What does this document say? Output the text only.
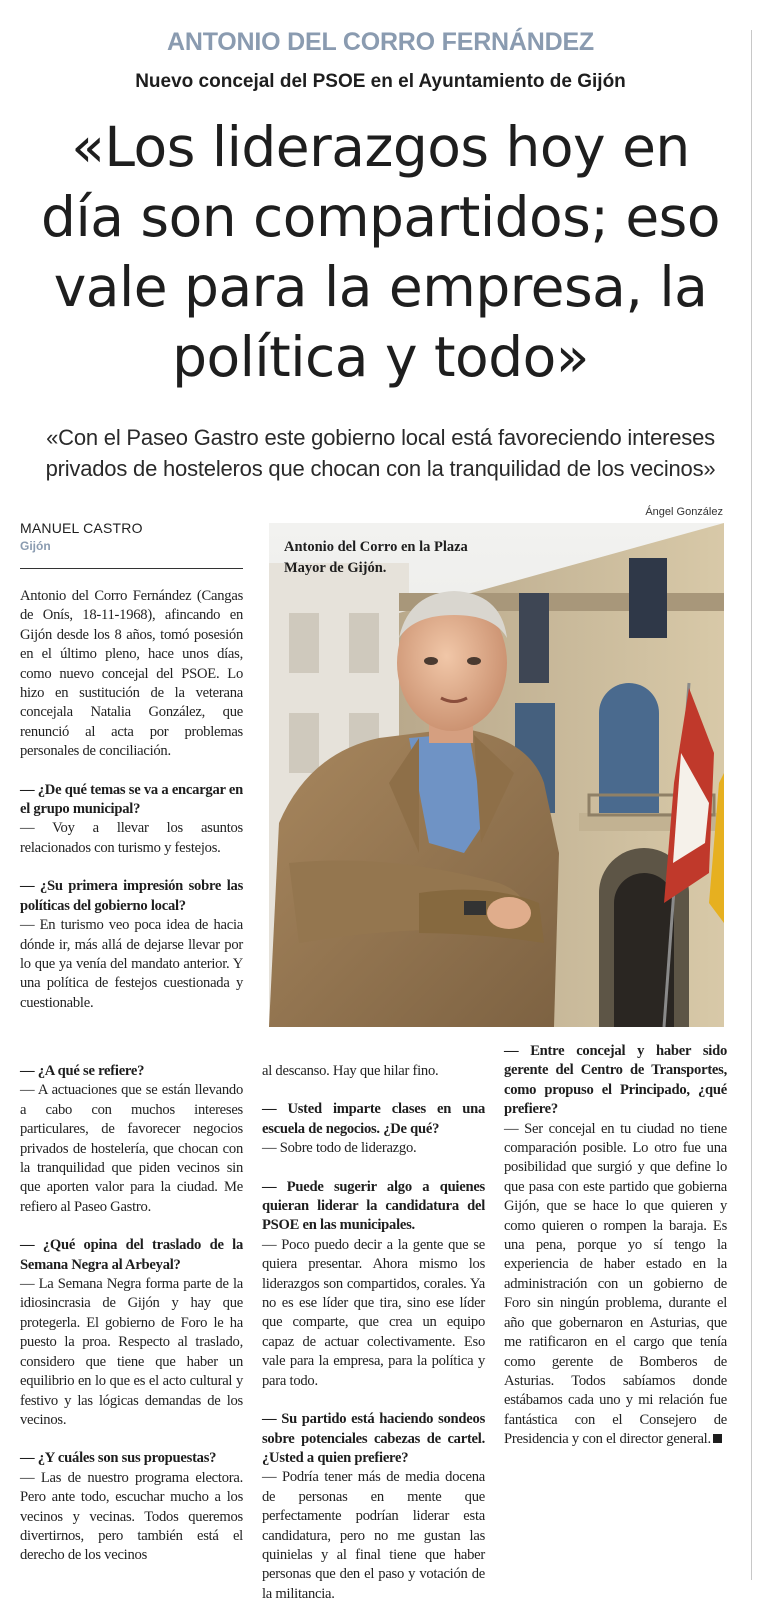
ANTONIO DEL CORRO FERNÁNDEZ
Nuevo concejal del PSOE en el Ayuntamiento de Gijón
«Los liderazgos hoy en
día son compartidos; eso
vale para la empresa, la
política y todo»
«Con el Paseo Gastro este gobierno local está favoreciendo intereses
privados de hosteleros que chocan con la tranquilidad de los vecinos»
MANUEL CASTRO
Gijón
Ángel González
Antonio del Corro en la Plaza Mayor de Gijón.

Antonio del Corro Fernández (Cangas de Onís, 18-11-1968), afincando en Gijón desde los 8 años, tomó posesión en el último pleno, hace unos días, como nuevo concejal del PSOE. Lo hizo en sustitución de la veterana concejala Natalia González, que renunció al acta por problemas personales de conciliación.

— ¿De qué temas se va a encargar en el grupo municipal?
— Voy a llevar los asuntos relacionados con turismo y festejos.

— ¿Su primera impresión sobre las políticas del gobierno local?
— En turismo veo poca idea de hacia dónde ir, más allá de dejarse llevar por lo que ya venía del mandato anterior. Y una política de festejos cuestionada y cuestionable.

— ¿A qué se refiere?
— A actuaciones que se están llevando a cabo con muchos intereses particulares, de favorecer negocios privados de hostelería, que chocan con la tranquilidad que piden vecinos sin que aporten valor para la ciudad. Me refiero al Paseo Gastro.

— ¿Qué opina del traslado de la Semana Negra al Arbeyal?
— La Semana Negra forma parte de la idiosincrasia de Gijón y hay que protegerla. El gobierno de Foro le ha puesto la proa. Respecto al traslado, considero que tiene que haber un equilibrio en lo que es el acto cultural y festivo y las lógicas demandas de los vecinos.

— ¿Y cuáles son sus propuestas?
— Las de nuestro programa electora. Pero ante todo, escuchar mucho a los vecinos y vecinas. Todos queremos divertirnos, pero también está el derecho de los vecinos

al descanso. Hay que hilar fino.

— Usted imparte clases en una escuela de negocios. ¿De qué?
— Sobre todo de liderazgo.

— Puede sugerir algo a quienes quieran liderar la candidatura del PSOE en las municipales.
— Poco puedo decir a la gente que se quiera presentar. Ahora mismo los liderazgos son compartidos, corales. Ya no es ese líder que tira, sino ese líder que comparte, que crea un equipo capaz de actuar colectivamente. Eso vale para la empresa, para la política y para todo.

— Su partido está haciendo sondeos sobre potenciales cabezas de cartel. ¿Usted a quien prefiere?
— Podría tener más de media docena de personas en mente que perfectamente podrían liderar esta candidatura, pero no me gustan las quinielas y al final tiene que haber personas que den el paso y votación de la militancia.

— Entre concejal y haber sido gerente del Centro de Transportes, como propuso el Principado, ¿qué prefiere?
— Ser concejal en tu ciudad no tiene comparación posible. Lo otro fue una posibilidad que surgió y que define lo que pasa con este partido que gobierna Gijón, que se hace lo que quieren y como quieren o rompen la baraja. Es una pena, porque yo sí tengo la experiencia de haber estado en la administración con un gobierno de Foro sin ningún problema, durante el año que gobernaron en Asturias, que me ratificaron en el cargo que tenía como gerente de Bomberos de Asturias. Todos sabíamos donde estábamos cada uno y mi relación fue fantástica con el Consejero de Presidencia y con el director general.
